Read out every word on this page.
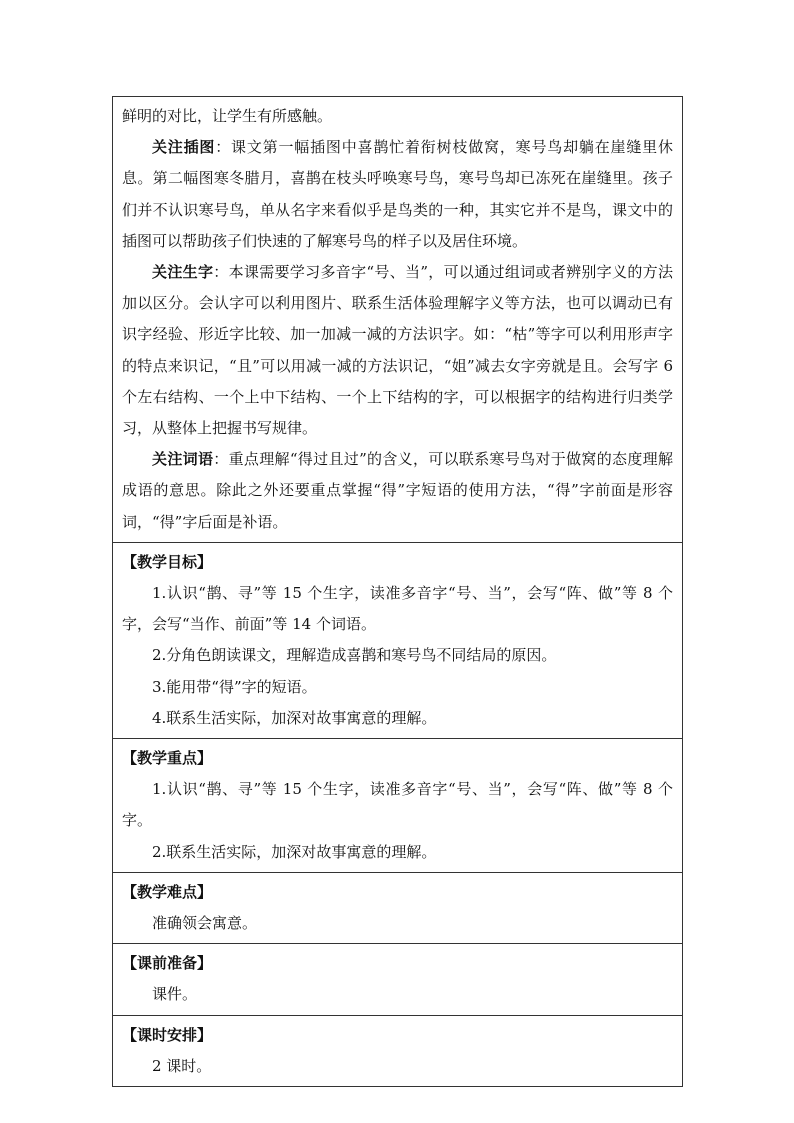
鲜明的对比，让学生有所感触。

关注插图：课文第一幅插图中喜鹊忙着衔树枝做窝，寒号鸟却躺在崖缝里休息。第二幅图寒冬腊月，喜鹊在枝头呼唤寒号鸟，寒号鸟却已冻死在崖缝里。孩子们并不认识寒号鸟，单从名字来看似乎是鸟类的一种，其实它并不是鸟，课文中的插图可以帮助孩子们快速的了解寒号鸟的样子以及居住环境。

关注生字：本课需要学习多音字“号、当”，可以通过组词或者辨别字义的方法加以区分。会认字可以利用图片、联系生活体验理解字义等方法，也可以调动已有识字经验、形近字比较、加一加减一减的方法识字。如：“枯”等字可以利用形声字的特点来识记，“且”可以用减一减的方法识记，“姐”减去女字旁就是且。会写字 6 个左右结构、一个上中下结构、一个上下结构的字，可以根据字的结构进行归类学习，从整体上把握书写规律。

关注词语：重点理解“得过且过”的含义，可以联系寒号鸟对于做窝的态度理解成语的意思。除此之外还要重点掌握“得”字短语的使用方法，“得”字前面是形容词，“得”字后面是补语。

【教学目标】

1.认识“鹊、寻”等 15 个生字，读准多音字“号、当”，会写“阵、做”等 8 个字，会写“当作、前面”等 14 个词语。

2.分角色朗读课文，理解造成喜鹊和寒号鸟不同结局的原因。

3.能用带“得”字的短语。

4.联系生活实际，加深对故事寓意的理解。

【教学重点】

1.认识“鹊、寻”等 15 个生字，读准多音字“号、当”，会写“阵、做”等 8 个字。

2.联系生活实际，加深对故事寓意的理解。

【教学难点】

准确领会寓意。

【课前准备】

课件。

【课时安排】

2 课时。
